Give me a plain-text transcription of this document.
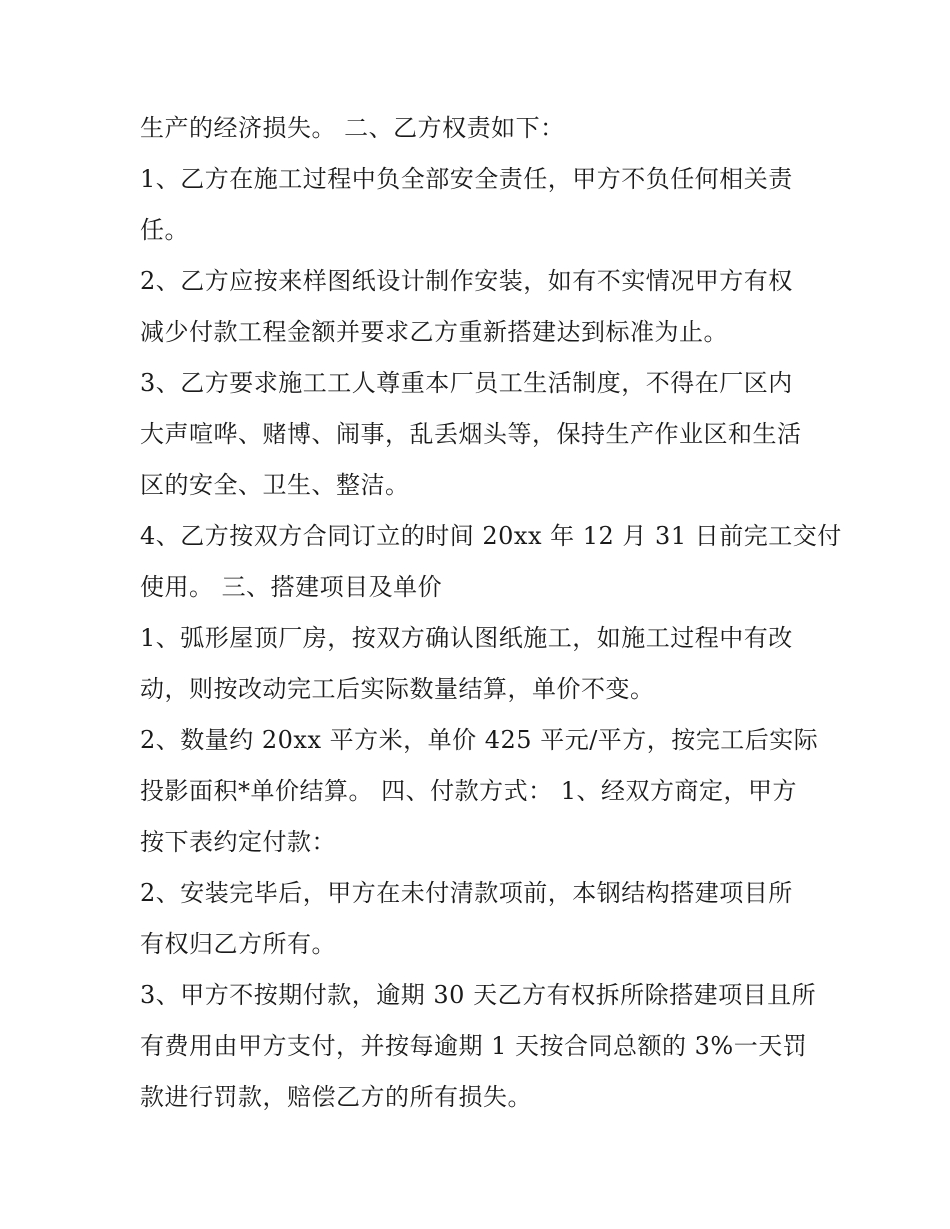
生产的经济损失。 二、乙方权责如下：
1、乙方在施工过程中负全部安全责任，甲方不负任何相关责
任。
2、乙方应按来样图纸设计制作安装，如有不实情况甲方有权
减少付款工程金额并要求乙方重新搭建达到标准为止。
3、乙方要求施工工人尊重本厂员工生活制度，不得在厂区内
大声喧哗、赌博、闹事，乱丢烟头等，保持生产作业区和生活
区的安全、卫生、整洁。
4、乙方按双方合同订立的时间 20xx 年 12 月 31 日前完工交付
使用。 三、搭建项目及单价
1、弧形屋顶厂房，按双方确认图纸施工，如施工过程中有改
动，则按改动完工后实际数量结算，单价不变。
2、数量约 20xx 平方米，单价 425 平元/平方，按完工后实际
投影面积*单价结算。 四、付款方式： 1、经双方商定，甲方
按下表约定付款：
2、安装完毕后，甲方在未付清款项前，本钢结构搭建项目所
有权归乙方所有。
3、甲方不按期付款，逾期 30 天乙方有权拆所除搭建项目且所
有费用由甲方支付，并按每逾期 1 天按合同总额的 3%一天罚
款进行罚款，赔偿乙方的所有损失。
